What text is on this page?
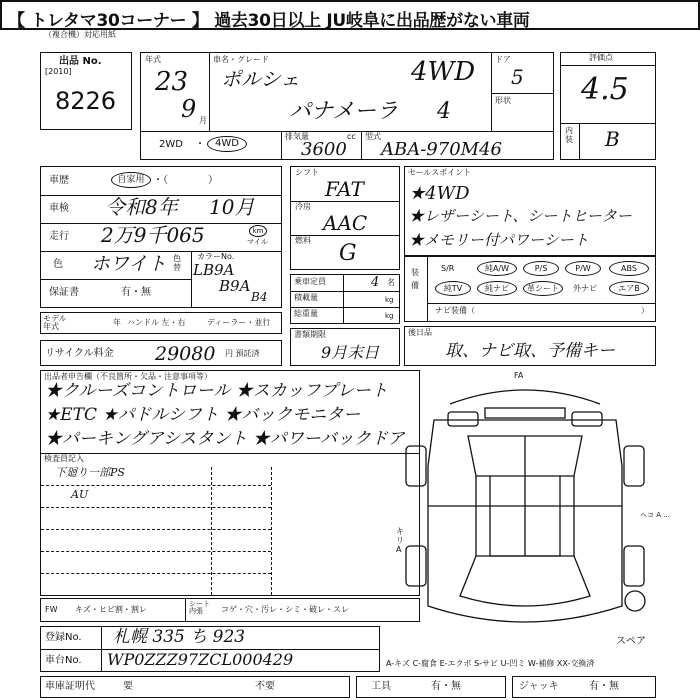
【 トレタマ30コーナー 】 過去30日以上 JU岐阜に出品歴がない車両
（複合機）対応用紙
出品 No.
[2010]
8226
年式
23
9 月
車名・グレード
ポルシェ	4WD
パナメーラ 4
ドア
5
形状
2WD ・	4WD
排気量	cc
3600
型式
ABA-970M46
評価点
4.5
内装 B
車歴	自家用 ・（　　　　）
車検 令和8年 10月
走行 2万9千065	km
マイル
色 ホワイト 色替
カラーNo.
LB9A
B9A
B4
保証書	有・無
モデル年式	年 ハンドル 左・右	ディーラー・並行
リサイクル料金 29080 円 預託済
シフト
FAT
冷房
AAC
燃料
G
乗車定員	4 名
積載量	kg
総重量	kg
書類期限
9月末日
セールスポイント
★4WD
★レザーシート、シートヒーター
★メモリー付パワーシート
装備
S/R	純A/W	P/S	P/W	ABS
純TV	純ナビ	革シート	外ナビ	エアB
ナビ装備（	）
後日品
取、ナビ取、予備キー
出品者申告欄（不良箇所・欠品・注意事項等）
★クルーズコントロール ★スカッフプレート
★ETC ★パドルシフト ★バックモニター
★パーキングアシスタント ★パワーバックドア
検査員記入
下廻り一部PS
AU
FA
キリ A
ヘコ A ...
スペア
FW キズ・ヒビ割・割レ
シート内張	コゲ・穴・汚レ・シミ・破レ・スレ
登録No. 札幌 335 ち 923
車台No. WP0ZZZ97ZCL000429	A-キズ C-腐食 E-エクボ S-サビ U-凹ミ W-補修 XX-交換済
車庫証明代	要	不要	工具	有・無	ジャッキ	有・無
